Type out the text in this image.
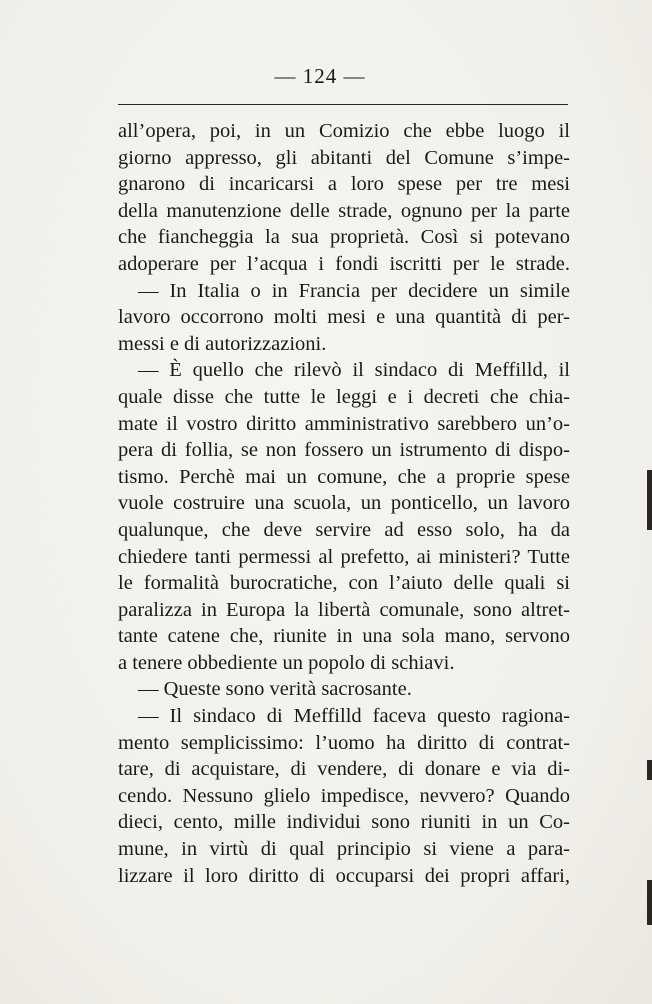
— 124 —
all’opera, poi, in un Comizio che ebbe luogo il
giorno appresso, gli abitanti del Comune s’impe-
gnarono di incaricarsi a loro spese per tre mesi
della manutenzione delle strade, ognuno per la parte
che fiancheggia la sua proprietà. Così si potevano
adoperare per l’acqua i fondi iscritti per le strade.
— In Italia o in Francia per decidere un simile
lavoro occorrono molti mesi e una quantità di per-
messi e di autorizzazioni.
— È quello che rilevò il sindaco di Meffilld, il
quale disse che tutte le leggi e i decreti che chia-
mate il vostro diritto amministrativo sarebbero un’o-
pera di follia, se non fossero un istrumento di dispo-
tismo. Perchè mai un comune, che a proprie spese
vuole costruire una scuola, un ponticello, un lavoro
qualunque, che deve servire ad esso solo, ha da
chiedere tanti permessi al prefetto, ai ministeri? Tutte
le formalità burocratiche, con l’aiuto delle quali si
paralizza in Europa la libertà comunale, sono altret-
tante catene che, riunite in una sola mano, servono
a tenere obbediente un popolo di schiavi.
— Queste sono verità sacrosante.
— Il sindaco di Meffilld faceva questo ragiona-
mento semplicissimo: l’uomo ha diritto di contrat-
tare, di acquistare, di vendere, di donare e via di-
cendo. Nessuno glielo impedisce, nevvero? Quando
dieci, cento, mille individui sono riuniti in un Co-
mune, in virtù di qual principio si viene a para-
lizzare il loro diritto di occuparsi dei propri affari,
